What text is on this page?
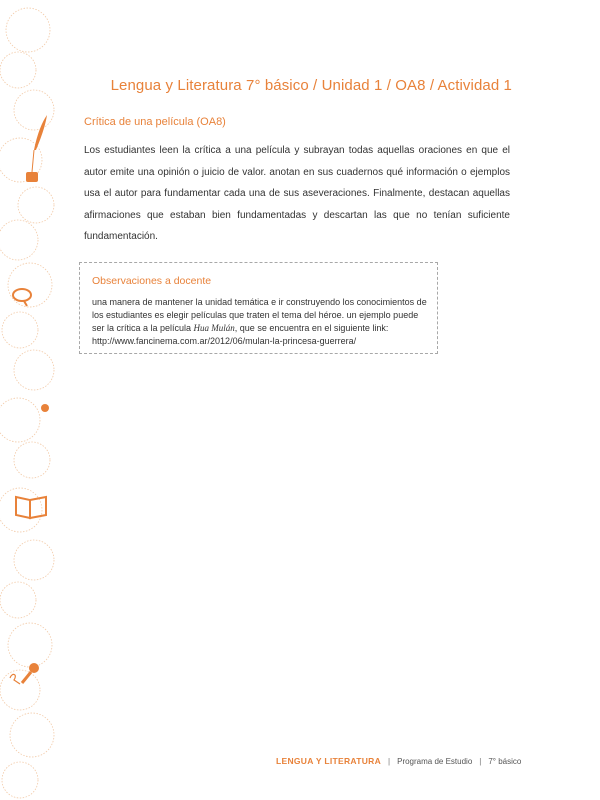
Lengua y Literatura 7° básico / Unidad 1 / OA8 / Actividad 1
Crítica de una película (OA8)
Los estudiantes leen la crítica a una película y subrayan todas aquellas oraciones en que el autor emite una opinión o juicio de valor. anotan en sus cuadernos qué información o ejemplos usa el autor para fundamentar cada una de sus aseveraciones. Finalmente, destacan aquellas afirmaciones que estaban bien fundamentadas y descartan las que no tenían suficiente fundamentación.
Observaciones a docente
una manera de mantener la unidad temática e ir construyendo los conocimientos de los estudiantes es elegir películas que traten el tema del héroe. un ejemplo puede ser la crítica a la película Hua Mulán, que se encuentra en el siguiente link: http://www.fancinema.com.ar/2012/06/mulan-la-princesa-guerrera/
LENGUA Y LITERATURA | Programa de Estudio | 7° básico
